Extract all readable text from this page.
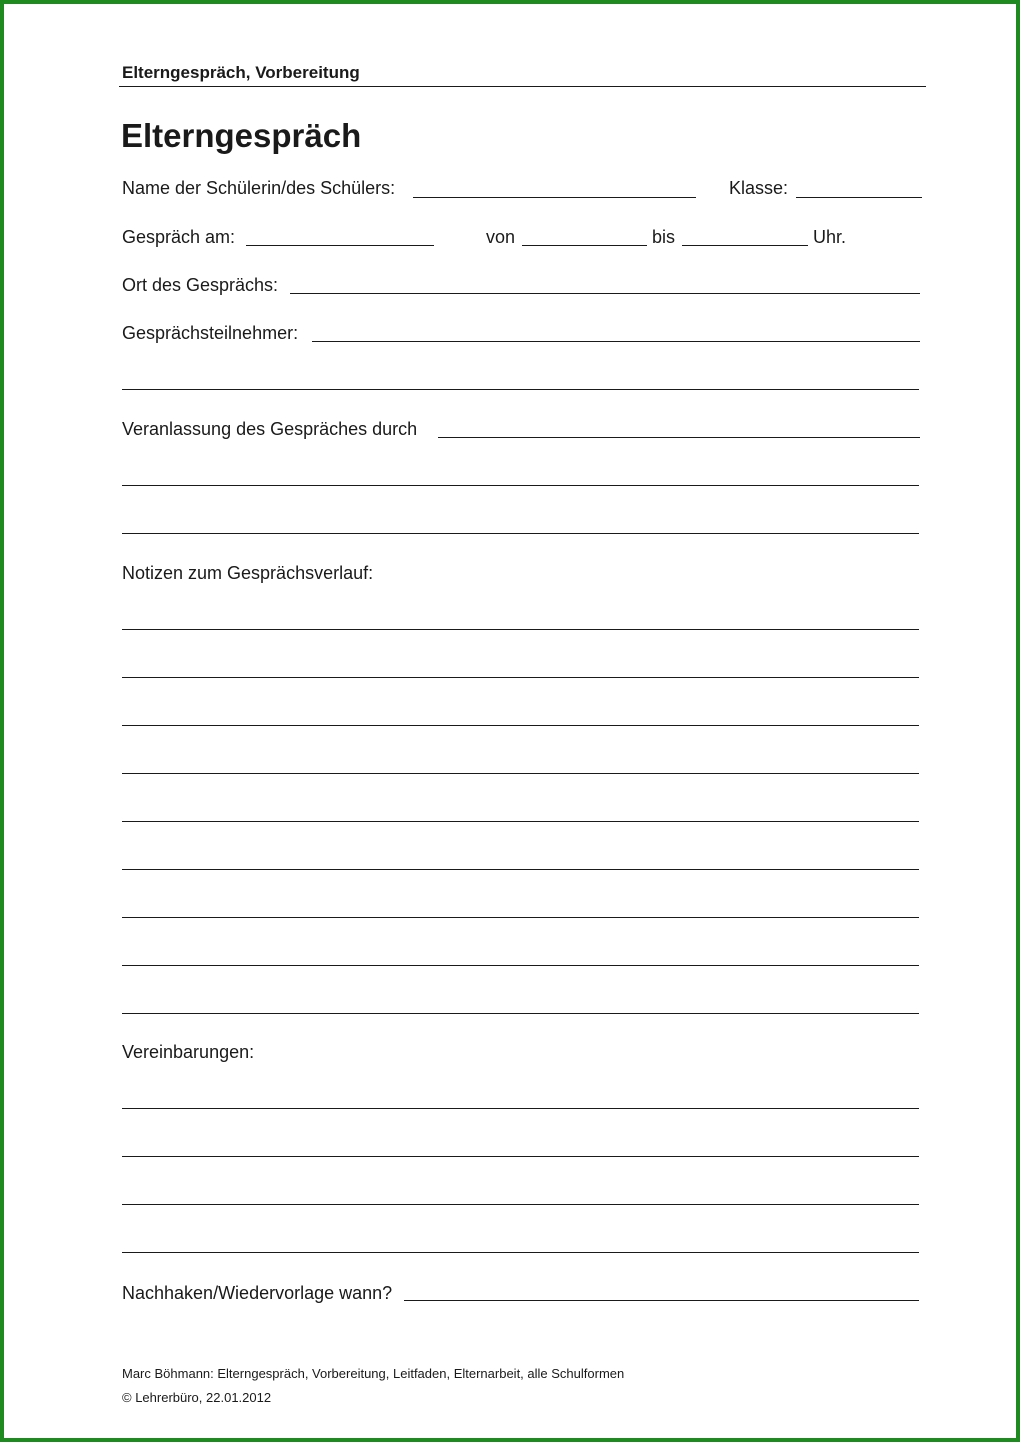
Elterngespräch, Vorbereitung
Elterngespräch
Name der Schülerin/des Schülers:	Klasse:
Gespräch am:	von	bis	Uhr.
Ort des Gesprächs:
Gesprächsteilnehmer:
Veranlassung des Gespräches durch
Notizen zum Gesprächsverlauf:
Vereinbarungen:
Nachhaken/Wiedervorlage wann?
Marc Böhmann: Elterngespräch, Vorbereitung, Leitfaden, Elternarbeit, alle Schulformen
© Lehrerbüro, 22.01.2012
